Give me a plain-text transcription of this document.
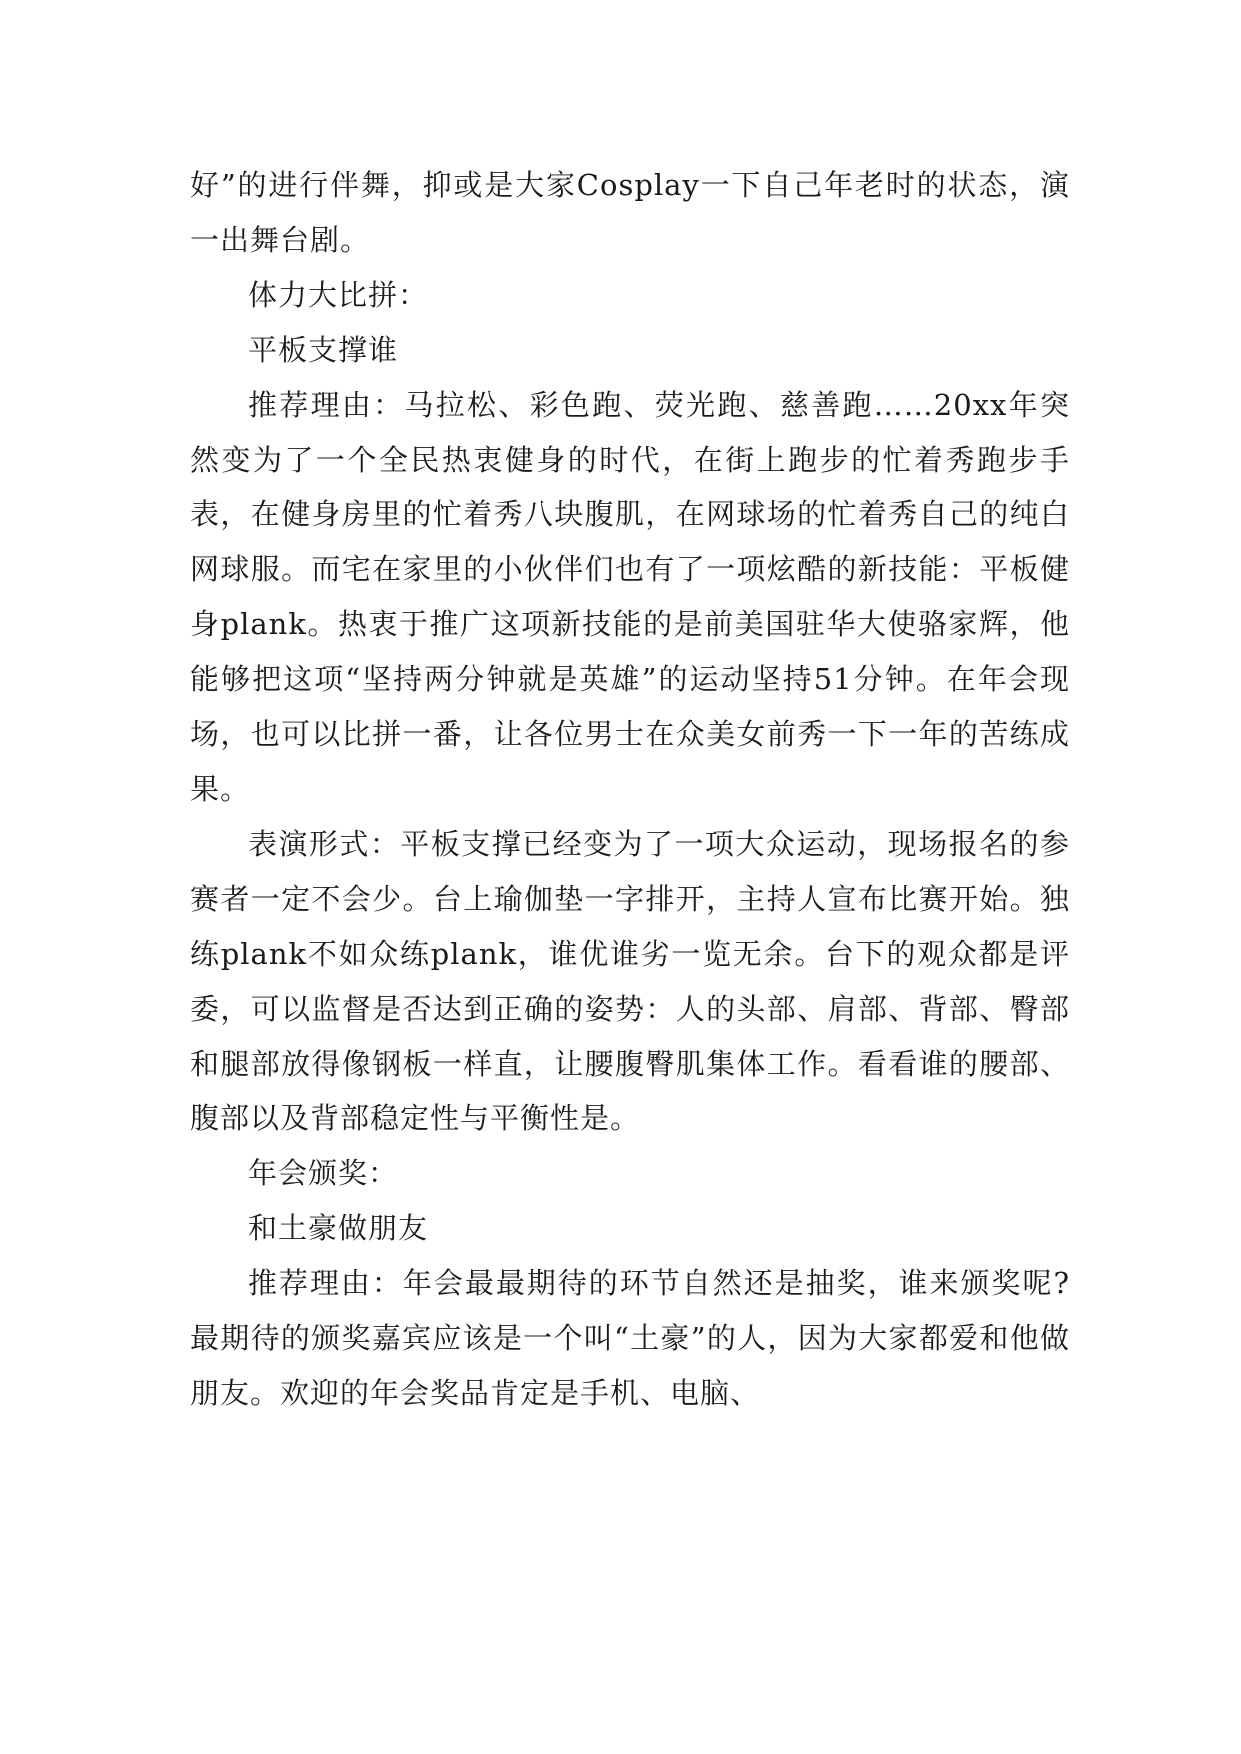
好”的进行伴舞，抑或是大家Cosplay一下自己年老时的状态，演一出舞台剧。

体力大比拼：

平板支撑谁

推荐理由：马拉松、彩色跑、荧光跑、慈善跑……20xx年突然变为了一个全民热衷健身的时代，在街上跑步的忙着秀跑步手表，在健身房里的忙着秀八块腹肌，在网球场的忙着秀自己的纯白网球服。而宅在家里的小伙伴们也有了一项炫酷的新技能：平板健身plank。热衷于推广这项新技能的是前美国驻华大使骆家辉，他能够把这项“坚持两分钟就是英雄”的运动坚持51分钟。在年会现场，也可以比拼一番，让各位男士在众美女前秀一下一年的苦练成果。

表演形式：平板支撑已经变为了一项大众运动，现场报名的参赛者一定不会少。台上瑜伽垫一字排开，主持人宣布比赛开始。独练plank不如众练plank，谁优谁劣一览无余。台下的观众都是评委，可以监督是否达到正确的姿势：人的头部、肩部、背部、臀部和腿部放得像钢板一样直，让腰腹臀肌集体工作。看看谁的腰部、腹部以及背部稳定性与平衡性是。

年会颁奖：

和土豪做朋友

推荐理由：年会最最期待的环节自然还是抽奖，谁来颁奖呢?最期待的颁奖嘉宾应该是一个叫“土豪”的人，因为大家都爱和他做朋友。欢迎的年会奖品肯定是手机、电脑、
